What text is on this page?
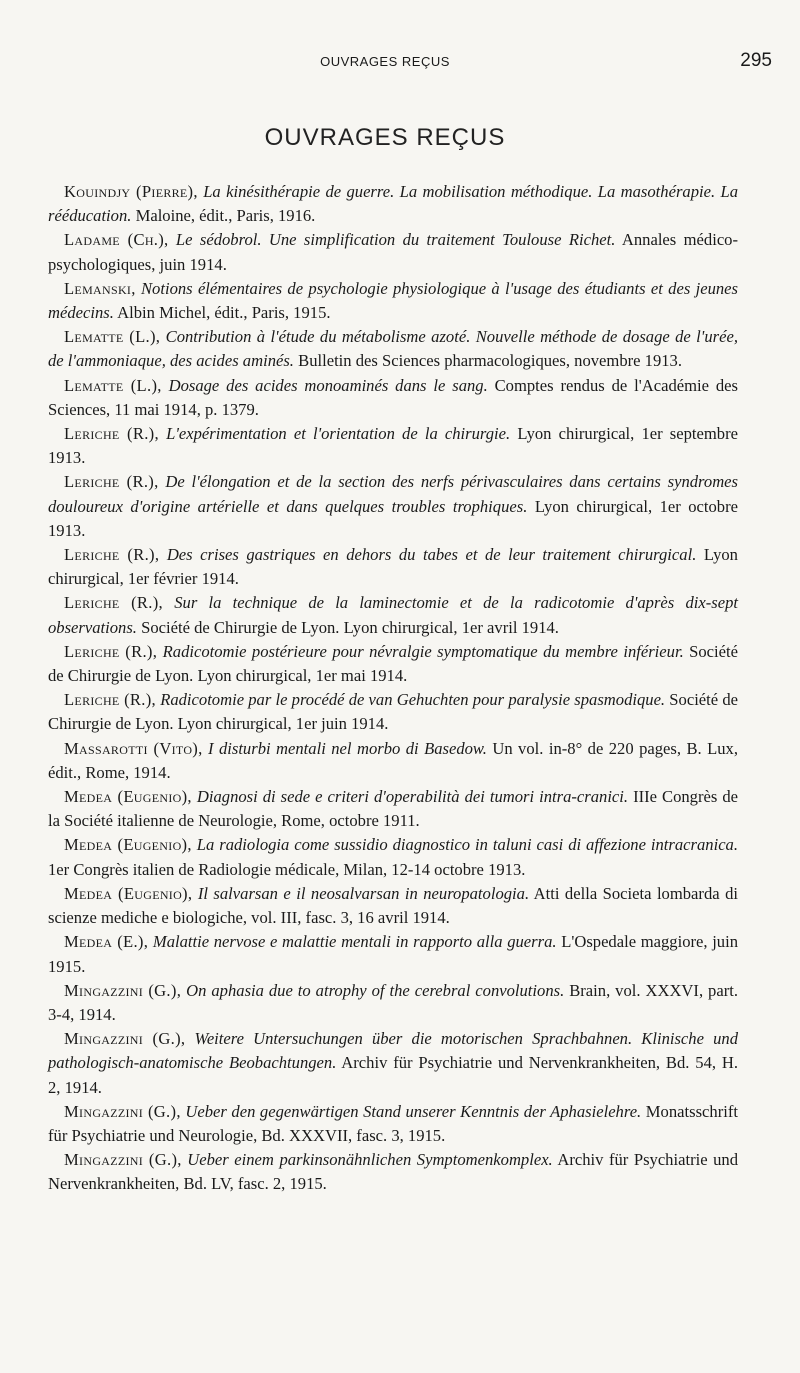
OUVRAGES REÇUS	295
OUVRAGES REÇUS

Kouindjy (Pierre), La kinésithérapie de guerre. La mobilisation méthodique. La masothérapie. La rééducation. Maloine, édit., Paris, 1916.

Ladame (Ch.), Le sédobrol. Une simplification du traitement Toulouse Richet. Annales médico-psychologiques, juin 1914.

Lemanski, Notions élémentaires de psychologie physiologique à l'usage des étudiants et des jeunes médecins. Albin Michel, édit., Paris, 1915.

Lematte (L.), Contribution à l'étude du métabolisme azoté. Nouvelle méthode de dosage de l'urée, de l'ammoniaque, des acides aminés. Bulletin des Sciences pharmacologiques, novembre 1913.

Lematte (L.), Dosage des acides monoaminés dans le sang. Comptes rendus de l'Académie des Sciences, 11 mai 1914, p. 1379.

Leriche (R.), L'expérimentation et l'orientation de la chirurgie. Lyon chirurgical, 1er septembre 1913.

Leriche (R.), De l'élongation et de la section des nerfs périvasculaires dans certains syndromes douloureux d'origine artérielle et dans quelques troubles trophiques. Lyon chirurgical, 1er octobre 1913.

Leriche (R.), Des crises gastriques en dehors du tabes et de leur traitement chirurgical. Lyon chirurgical, 1er février 1914.

Leriche (R.), Sur la technique de la laminectomie et de la radicotomie d'après dix-sept observations. Société de Chirurgie de Lyon. Lyon chirurgical, 1er avril 1914.

Leriche (R.), Radicotomie postérieure pour névralgie symptomatique du membre inférieur. Société de Chirurgie de Lyon. Lyon chirurgical, 1er mai 1914.

Leriche (R.), Radicotomie par le procédé de van Gehuchten pour paralysie spasmodique. Société de Chirurgie de Lyon. Lyon chirurgical, 1er juin 1914.

Massarotti (Vito), I disturbi mentali nel morbo di Basedow. Un vol. in-8° de 220 pages, B. Lux, édit., Rome, 1914.

Medea (Eugenio), Diagnosi di sede e criteri d'operabilità dei tumori intra-cranici. IIIe Congrès de la Société italienne de Neurologie, Rome, octobre 1911.

Medea (Eugenio), La radiologia come sussidio diagnostico in taluni casi di affezione intracranica. 1er Congrès italien de Radiologie médicale, Milan, 12-14 octobre 1913.

Medea (Eugenio), Il salvarsan e il neosalvarsan in neuropatologia. Atti della Societa lombarda di scienze mediche e biologiche, vol. III, fasc. 3, 16 avril 1914.

Medea (E.), Malattie nervose e malattie mentali in rapporto alla guerra. L'Ospedale maggiore, juin 1915.

Mingazzini (G.), On aphasia due to atrophy of the cerebral convolutions. Brain, vol. XXXVI, part. 3-4, 1914.

Mingazzini (G.), Weitere Untersuchungen über die motorischen Sprachbahnen. Klinische und pathologisch-anatomische Beobachtungen. Archiv für Psychiatrie und Nervenkrankheiten, Bd. 54, H. 2, 1914.

Mingazzini (G.), Ueber den gegenwärtigen Stand unserer Kenntnis der Aphasielehre. Monatsschrift für Psychiatrie und Neurologie, Bd. XXXVII, fasc. 3, 1915.

Mingazzini (G.), Ueber einem parkinsonähnlichen Symptomenkomplex. Archiv für Psychiatrie und Nervenkrankheiten, Bd. LV, fasc. 2, 1915.
